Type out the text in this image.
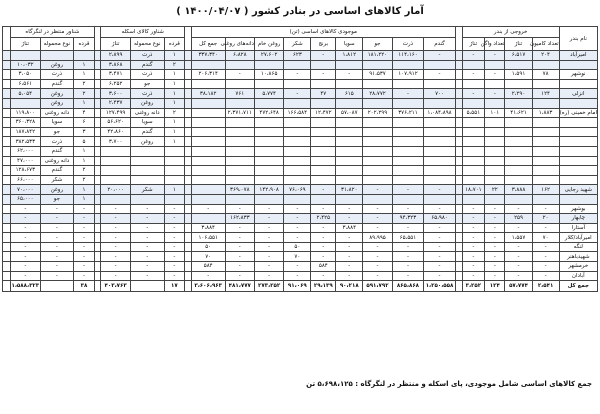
آمار کالاهای اساسی در بنادر کشور ( ۱۴۰۰/۰۴/۰۷ )
نام بندر	خروجی از بندر					موجودی کالاهای اساسی (تن)										شناور کالای اسکله				شناور منتظر در لنگرگاه			
	تعداد کامیون	تناژ	تعداد واگن	تناژ		گندم	ذرت	جو	سویا	برنج	شکر	روغن خام	دانه‌های روغنی	جمع کل		قرده	نوع محموله	تناژ		قرده	نوع محموله	تناژ	
امیرآباد	۲۰۴	۶،۵۱۷	-	-		-	۱۱۴،۱۶۰	۱۸۱،۲۲۰	۱،۸۱۲	-	۶۲۳	۲۷،۶۰۲	۶،۸۲۸	۳۳۷،۳۴۰		۱	ذرت	۲،۸۹۹					
																۲	گندم	۳،۸۶۸		۱	روغن	۱۰،۰۳۲	
نوشهر	۷۸	۱،۵۹۱	-	-		-	۱۰۷،۹۱۲	۹۱،۵۳۷	-	-	-	۱۰،۸۶۵	-	۲۰۶،۳۱۴		۱	ذرت	۳،۴۷۱		۱	ذرت	۳،۰۵۰	
																۱	جو	۶،۲۵۲		۲	گندم	۶،۵۶۱	
انزلی	۱۲۴	۲،۲۹۰	-	-		۷۰۰	-	۲۸،۷۷۲	۶۱۵	۴۷	-	۵،۷۷۴	۷۶۱	۳۸،۱۸۲		۱	ذرت	۳،۶۰۰		۲	روغن	۵،۰۵۴	
																۱	روغن	۲،۴۳۷		۱	روغن		
امام خمینی (ره)	۱،۸۸۳	۴۱،۶۲۱	۱۰۱	۵،۵۵۱		۱،۰۸۴،۸۹۸	۳۷۶،۲۱۱	۲۰۲،۲۹۹	۵۷،۰۸۷	۱۲،۴۷۲	۱۶۶،۵۸۴	۴۷۲،۶۴۸	۲،۳۷۱،۷۱۱			۲	دانه روغنی	۱۲۷،۴۹۹		۴	دانه روغنی	۱۱۹،۸۰۰	
																۱	سویا	۵۶،۶۲۰		۶	سویا	۳۶۰،۳۲۸	
																۱	گندم	۴۲،۸۶۰		۳	جو	۱۸۷،۸۴۲	
																۱	روغن	۳،۷۰۰		۵	ذرت	۳۸۲،۵۳۳	
																				۱	گندم	۶۲،۰۰۰	
																				۱	دانه روغنی	۴۷،۰۰۰	
																				۲	گندم	۱۲۸،۶۷۳	
																				۲	شکر	۶۶،۰۰۰	
شهید رجایی	۱۶۲	۳،۸۸۸	۲۲	۱۸،۷۰۱		-	-	-	۳۱،۸۲۰	-	۷۶،۰۶۹	۱۴۲،۹۰۸	۳۶۹،۰۷۸			۱	شکر	۲۰،۰۰۰		۱	روغن	۷۰،۰۰۰	
																				۱	جو	۶۵،۰۰۰	
بوشهر	-	-	-	-		-	-	-	-	-	-	-	-	-		-	-	-		-	-	-	
چابهار	۲۰	۲۵۹	-	-		۶۵،۹۸۰	۹۴،۳۲۳	-	-	۲،۴۲۵	-	-	۱۶۲،۸۳۳			-	-	-		-	-	-	
آستارا	-	-	-	-		-	-	-	۳،۸۸۴	-	-	-	-	۳،۸۸۴		-	-	-		-	-	-	
امیرآباد/کلار	۷۰	۱،۵۵۷	-	-		-	۶۵،۵۵۱	۸۹،۹۹۵	-	-	-	-	-	۱۰۶،۵۵۱		-	-	-		-	-	-	
لنگه	-	-	-	-		-	-	-	-	-	۵۰	-	-	۵۰		-	-	-		-	-	-	
شهید‌باهنر	-	-	-	-		-	-	-	-	-	۷۰	-	-	۷۰		-	-	-		-	-	-	
خرمشهر	-	-	-	-		-	-	-	-	۵۸۴	-	-	-	۵۸۴		-	-	-		-	-	-	
آبادان	-	-	-	-		-	-	-	-	-	-	-	-	-		-	-	-		-	-	-	
جمع کل	۲،۵۴۱	۵۷،۷۷۴	۱۲۴	۳،۲۵۲		۱،۲۵۰،۵۵۸	۸۶۵،۸۶۸	۵۹۱،۷۹۲	۹۰،۲۱۸	۲۹،۱۳۹	۹۱،۰۶۹	۲۷۳،۲۵۲	۴۸۱،۷۷۷	۳،۶۰۶،۹۶۳		۱۷		۴۰۳،۷۶۳		۳۸		۱،۵۸۸،۳۲۳	
جمع کالاهای اساسی شامل موجودی، پای اسکله و منتظر در لنگرگاه : ۵،۶۹۸،۱۲۵ تن
